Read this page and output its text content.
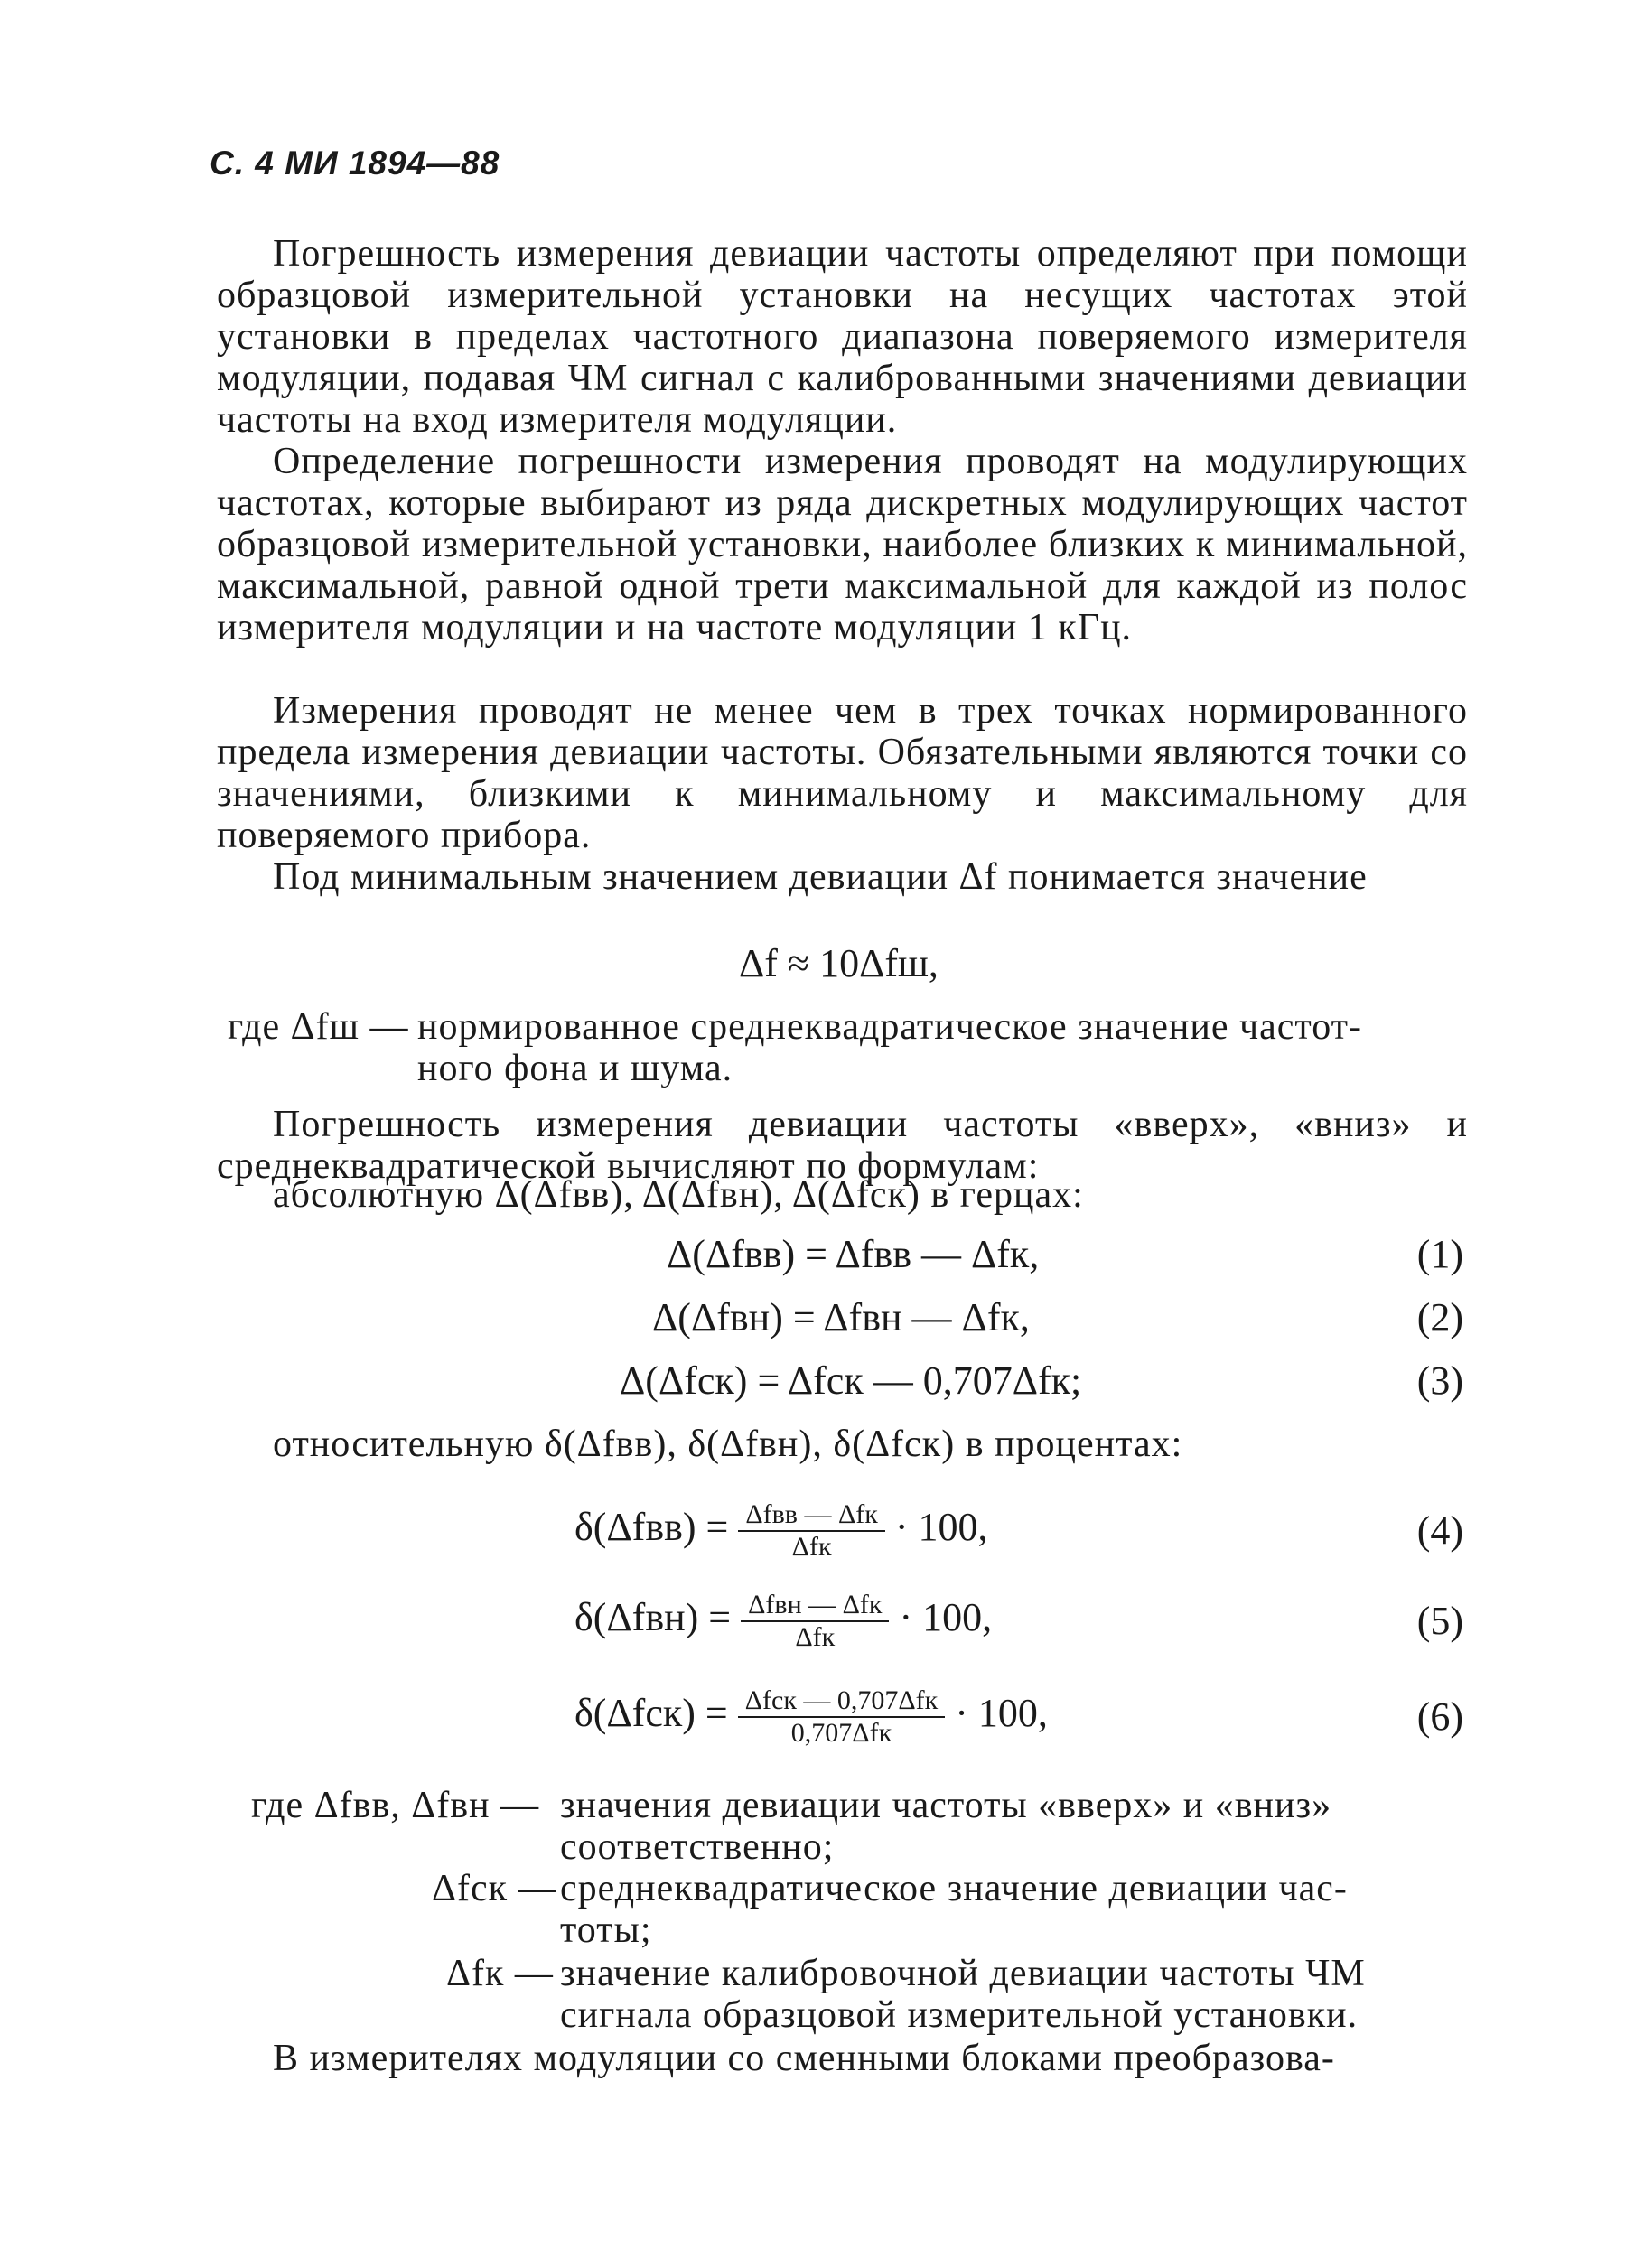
С. 4 МИ 1894—88

Погрешность измерения девиации частоты определяют при помощи образцовой измерительной установки на несущих частотах этой установки в пределах частотного диапазона поверяемого измерителя модуляции, подавая ЧМ сигнал с калиброванными значениями девиации частоты на вход измерителя модуляции.

Определение погрешности измерения проводят на модулирующих частотах, которые выбирают из ряда дискретных модулирующих частот образцовой измерительной установки, наиболее близких к минимальной, максимальной, равной одной трети максимальной для каждой из полос измерителя модуляции и на частоте модуляции 1 кГц.

Измерения проводят не менее чем в трех точках нормированного предела измерения девиации частоты. Обязательными являются точки со значениями, близкими к минимальному и максимальному для поверяемого прибора.

Под минимальным значением девиации Δf понимается значение

Δf ≈ 10Δfш,
где Δfш — нормированное среднеквадратическое значение частот-
ного фона и шума.

Погрешность измерения девиации частоты «вверх», «вниз» и среднеквадратической вычисляют по формулам:

абсолютную Δ(Δfвв), Δ(Δfвн), Δ(Δfск) в герцах:

Δ(Δfвв) = Δfвв — Δfк,	(1)
Δ(Δfвн) = Δfвн — Δfк,	(2)
Δ(Δfск) = Δfск — 0,707Δfк;	(3)

относительную δ(Δfвв), δ(Δfвн), δ(Δfск) в процентах:

$\delta(\Delta fвв) = \frac{\text{Δfвв — Δfк}}{\text{Δfк}} \cdot 100$,	(4)
$\delta(\Delta fвн) = \frac{\text{Δfвн — Δfк}}{\text{Δfк}} \cdot 100$,	(5)
$\delta(\Delta fск) = \frac{\text{Δfск — 0,707Δfк}}{\text{0,707Δfк}} \cdot 100$,	(6)
где Δfвв, Δfвн — значения девиации частоты «вверх» и «вниз»
соответственно;
Δfск — среднеквадратическое значение девиации час-
тоты;
Δfк — значение калибровочной девиации частоты ЧМ
сигнала образцовой измерительной установки.

В измерителях модуляции со сменными блоками преобразова-
